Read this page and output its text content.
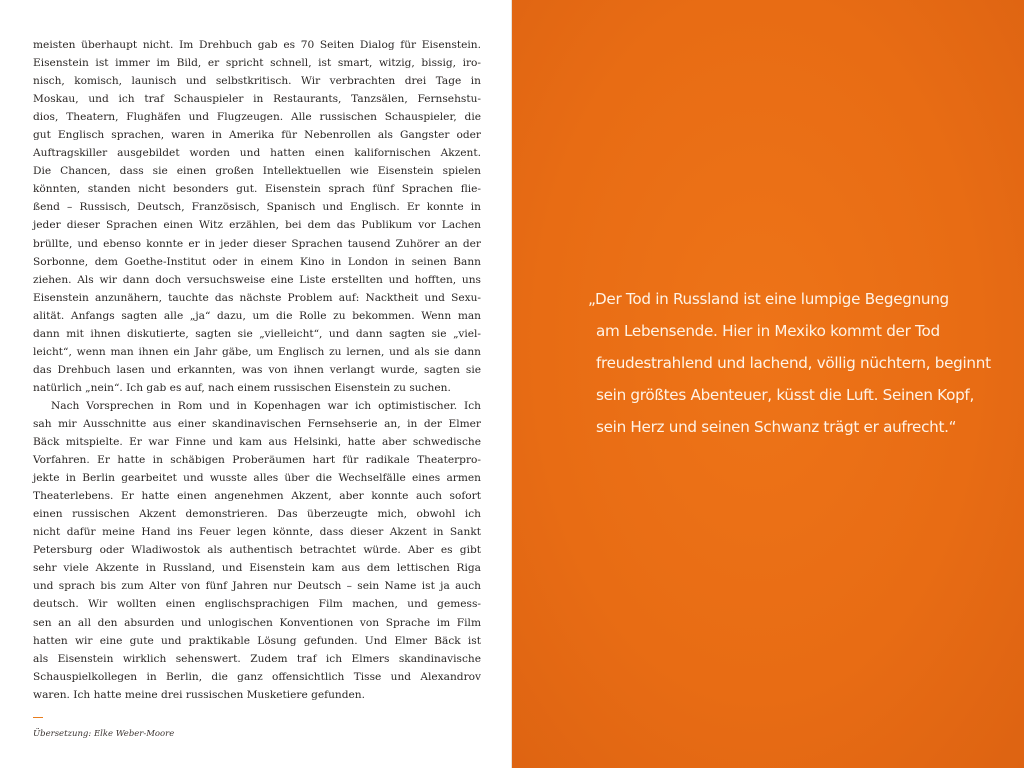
meisten überhaupt nicht. Im Drehbuch gab es 70 Seiten Dialog für Eisenstein.
Eisenstein ist immer im Bild, er spricht schnell, ist smart, witzig, bissig, iro-
nisch, komisch, launisch und selbstkritisch. Wir verbrachten drei Tage in
Moskau, und ich traf Schauspieler in Restaurants, Tanzsälen, Fernsehstu-
dios, Theatern, Flughäfen und Flugzeugen. Alle russischen Schauspieler, die
gut Englisch sprachen, waren in Amerika für Nebenrollen als Gangster oder
Auftragskiller ausgebildet worden und hatten einen kalifornischen Akzent.
Die Chancen, dass sie einen großen Intellektuellen wie Eisenstein spielen
könnten, standen nicht besonders gut. Eisenstein sprach fünf Sprachen flie-
ßend – Russisch, Deutsch, Französisch, Spanisch und Englisch. Er konnte in
jeder dieser Sprachen einen Witz erzählen, bei dem das Publikum vor Lachen
brüllte, und ebenso konnte er in jeder dieser Sprachen tausend Zuhörer an der
Sorbonne, dem Goethe-Institut oder in einem Kino in London in seinen Bann
ziehen. Als wir dann doch versuchsweise eine Liste erstellten und hofften, uns
Eisenstein anzunähern, tauchte das nächste Problem auf: Nacktheit und Sexu-
alität. Anfangs sagten alle „ja“ dazu, um die Rolle zu bekommen. Wenn man
dann mit ihnen diskutierte, sagten sie „vielleicht“, und dann sagten sie „viel-
leicht“, wenn man ihnen ein Jahr gäbe, um Englisch zu lernen, und als sie dann
das Drehbuch lasen und erkannten, was von ihnen verlangt wurde, sagten sie
natürlich „nein“. Ich gab es auf, nach einem russischen Eisenstein zu suchen.
Nach Vorsprechen in Rom und in Kopenhagen war ich optimistischer. Ich
sah mir Ausschnitte aus einer skandinavischen Fernsehserie an, in der Elmer
Bäck mitspielte. Er war Finne und kam aus Helsinki, hatte aber schwedische
Vorfahren. Er hatte in schäbigen Proberäumen hart für radikale Theaterpro-
jekte in Berlin gearbeitet und wusste alles über die Wechselfälle eines armen
Theaterlebens. Er hatte einen angenehmen Akzent, aber konnte auch sofort
einen russischen Akzent demonstrieren. Das überzeugte mich, obwohl ich
nicht dafür meine Hand ins Feuer legen könnte, dass dieser Akzent in Sankt
Petersburg oder Wladiwostok als authentisch betrachtet würde. Aber es gibt
sehr viele Akzente in Russland, und Eisenstein kam aus dem lettischen Riga
und sprach bis zum Alter von fünf Jahren nur Deutsch – sein Name ist ja auch
deutsch. Wir wollten einen englischsprachigen Film machen, und gemess-
sen an all den absurden und unlogischen Konventionen von Sprache im Film
hatten wir eine gute und praktikable Lösung gefunden. Und Elmer Bäck ist
als Eisenstein wirklich sehenswert. Zudem traf ich Elmers skandinavische
Schauspielkollegen in Berlin, die ganz offensichtlich Tisse und Alexandrov
waren. Ich hatte meine drei russischen Musketiere gefunden.
Übersetzung: Elke Weber-Moore
„Der Tod in Russland ist eine lumpige Begegnung
am Lebensende. Hier in Mexiko kommt der Tod
freudestrahlend und lachend, völlig nüchtern, beginnt
sein größtes Abenteuer, küsst die Luft. Seinen Kopf,
sein Herz und seinen Schwanz trägt er aufrecht.“
